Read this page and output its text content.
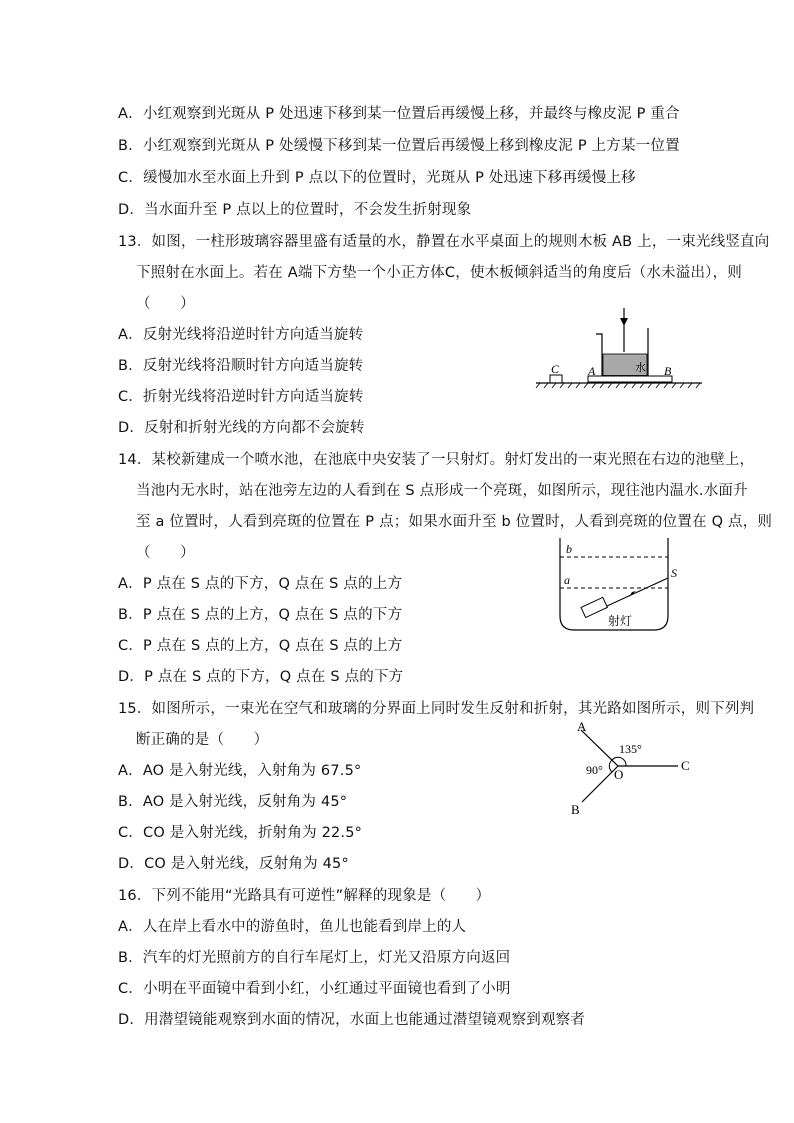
A．小红观察到光斑从 P 处迅速下移到某一位置后再缓慢上移，并最终与橡皮泥 P 重合
B．小红观察到光斑从 P 处缓慢下移到某一位置后再缓慢上移到橡皮泥 P 上方某一位置
C．缓慢加水至水面上升到 P 点以下的位置时，光斑从 P 处迅速下移再缓慢上移
D．当水面升至 P 点以上的位置时，不会发生折射现象
13．如图，一柱形玻璃容器里盛有适量的水，静置在水平桌面上的规则木板 AB 上，一束光线竖直向
下照射在水面上。若在 A端下方垫一个小正方体C，使木板倾斜适当的角度后（水未溢出），则
（　　）
A．反射光线将沿逆时针方向适当旋转
B．反射光线将沿顺时针方向适当旋转
C．折射光线将沿逆时针方向适当旋转
D．反射和折射光线的方向都不会旋转
水
C A	B
14．某校新建成一个喷水池，在池底中央安装了一只射灯。射灯发出的一束光照在右边的池壁上，
当池内无水时，站在池旁左边的人看到在 S 点形成一个亮斑，如图所示，现往池内温水.水面升
至 a 位置时，人看到亮斑的位置在 P 点；如果水面升至 b 位置时，人看到亮斑的位置在 Q 点，则
（　　）
A．P 点在 S 点的下方，Q 点在 S 点的上方
B．P 点在 S 点的上方，Q 点在 S 点的下方
C．P 点在 S 点的上方，Q 点在 S 点的上方
D．P 点在 S 点的下方，Q 点在 S 点的下方
b
a	S
射灯
15．如图所示，一束光在空气和玻璃的分界面上同时发生反射和折射，其光路如图所示，则下列判
断正确的是（　　）
A．AO 是入射光线，入射角为 67.5°
B．AO 是入射光线，反射角为 45°
C．CO 是入射光线，折射角为 22.5°
D．CO 是入射光线，反射角为 45°
A
B
C
O
135°
90°
16．下列不能用“光路具有可逆性”解释的现象是（　　）
A．人在岸上看水中的游鱼时，鱼儿也能看到岸上的人
B．汽车的灯光照前方的自行车尾灯上，灯光又沿原方向返回
C．小明在平面镜中看到小红，小红通过平面镜也看到了小明
D．用潜望镜能观察到水面的情况，水面上也能通过潜望镜观察到观察者
